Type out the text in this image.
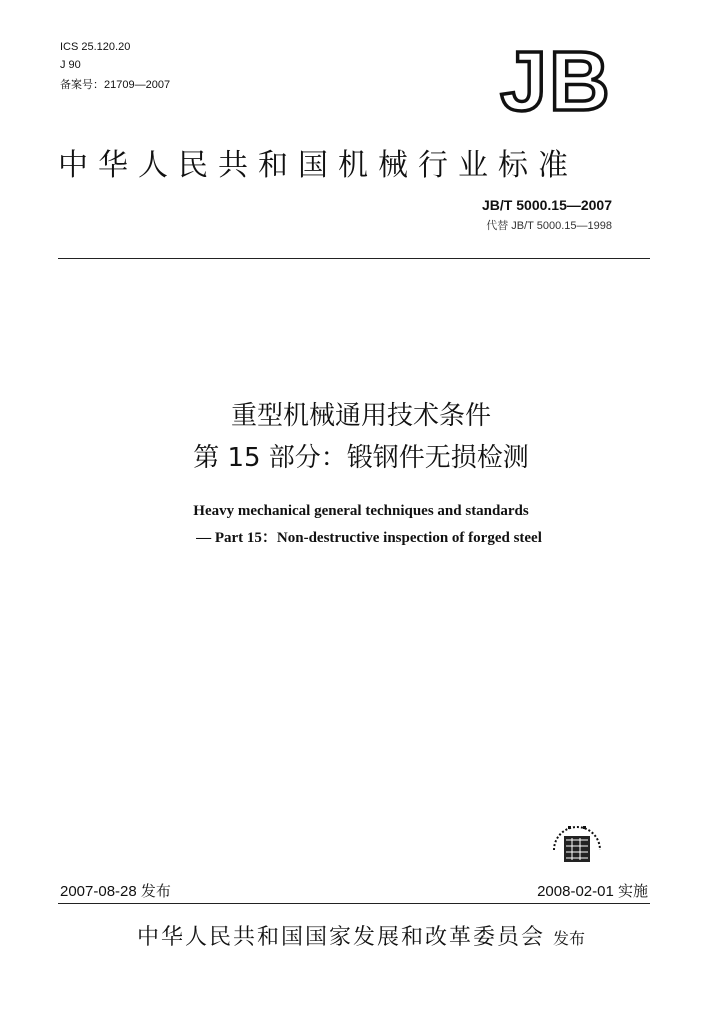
ICS 25.120.20
J 90
备案号：21709—2007	JB
中华人民共和国机械行业标准
JB/T 5000.15—2007
代替 JB/T 5000.15—1998
重型机械通用技术条件
第 15 部分：锻钢件无损检测
Heavy mechanical general techniques and standards
— Part 15：Non-destructive inspection of forged steel
2007-08-28 发布	2008-02-01 实施
中华人民共和国国家发展和改革委员会 发布
